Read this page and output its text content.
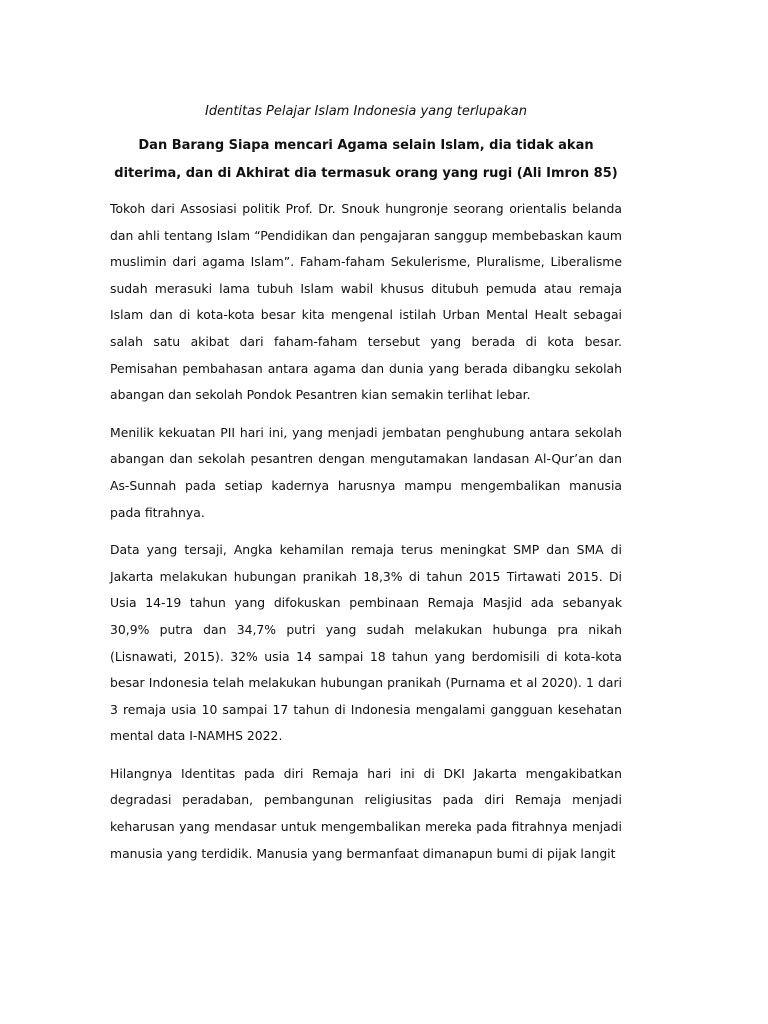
Identitas Pelajar Islam Indonesia yang terlupakan
Dan Barang Siapa mencari Agama selain Islam, dia tidak akan diterima, dan di Akhirat dia termasuk orang yang rugi (Ali Imron 85)

Tokoh dari Assosiasi politik Prof. Dr. Snouk hungronje seorang orientalis belanda dan ahli tentang Islam “Pendidikan dan pengajaran sanggup membebaskan kaum muslimin dari agama Islam”. Faham-faham Sekulerisme, Pluralisme, Liberalisme sudah merasuki lama tubuh Islam wabil khusus ditubuh pemuda atau remaja Islam dan di kota-kota besar kita mengenal istilah Urban Mental Healt sebagai salah satu akibat dari faham-faham tersebut yang berada di kota besar. Pemisahan pembahasan antara agama dan dunia yang berada dibangku sekolah abangan dan sekolah Pondok Pesantren kian semakin terlihat lebar.

Menilik kekuatan PII hari ini, yang menjadi jembatan penghubung antara sekolah abangan dan sekolah pesantren dengan mengutamakan landasan Al-Qur’an dan As-Sunnah pada setiap kadernya harusnya mampu mengembalikan manusia pada fitrahnya.

Data yang tersaji, Angka kehamilan remaja terus meningkat SMP dan SMA di Jakarta melakukan hubungan pranikah 18,3% di tahun 2015 Tirtawati 2015. Di Usia 14-19 tahun yang difokuskan pembinaan Remaja Masjid ada sebanyak 30,9% putra dan 34,7% putri yang sudah melakukan hubunga pra nikah (Lisnawati, 2015). 32% usia 14 sampai 18 tahun yang berdomisili di kota-kota besar Indonesia telah melakukan hubungan pranikah (Purnama et al 2020). 1 dari 3 remaja usia 10 sampai 17 tahun di Indonesia mengalami gangguan kesehatan mental data I-NAMHS 2022.

Hilangnya Identitas pada diri Remaja hari ini di DKI Jakarta mengakibatkan degradasi peradaban, pembangunan religiusitas pada diri Remaja menjadi keharusan yang mendasar untuk mengembalikan mereka pada fitrahnya menjadi manusia yang terdidik. Manusia yang bermanfaat dimanapun bumi di pijak langit
